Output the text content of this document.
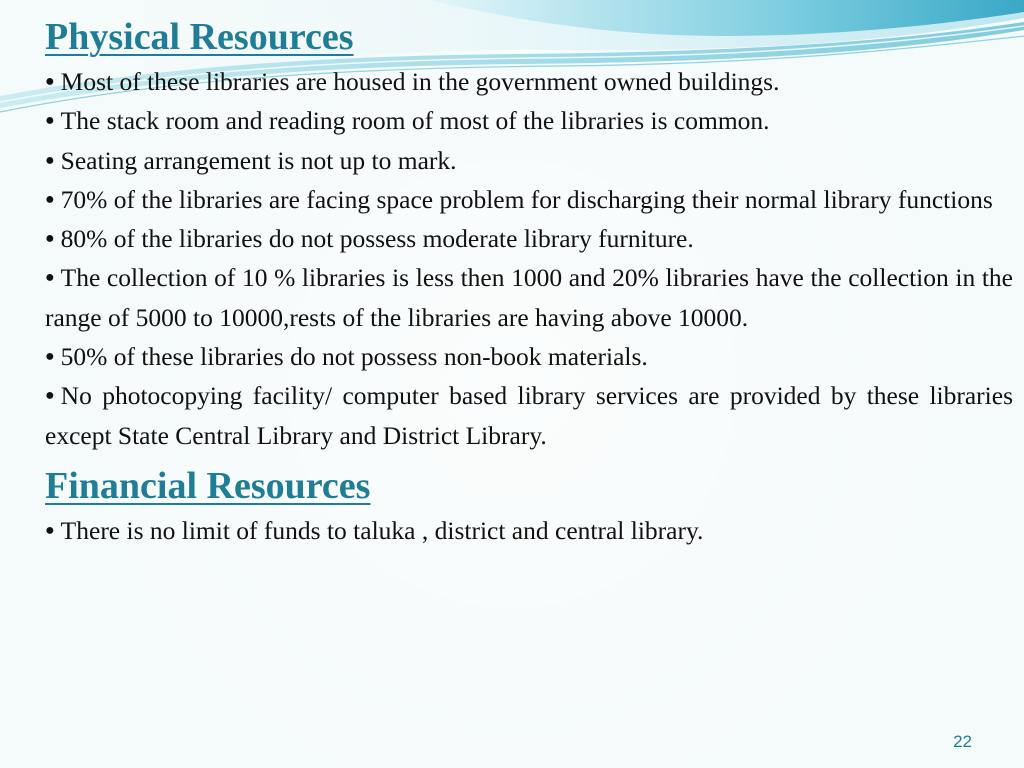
Physical Resources
● Most of these libraries are housed in the government owned buildings.
● The stack room and reading room of most of the libraries is common.
● Seating arrangement is not up to mark.
● 70% of the libraries are facing space problem for discharging their normal library functions
● 80% of the libraries do not possess moderate library furniture.
● The collection of 10 % libraries is less then 1000 and 20% libraries have the collection in the range of 5000 to 10000,rests of the libraries are having above 10000.
● 50% of these libraries do not possess non-book materials.
● No photocopying facility/ computer based library services are provided by these libraries except State Central Library and District Library.
Financial Resources
● There is no limit of funds to taluka , district and central library.
22
